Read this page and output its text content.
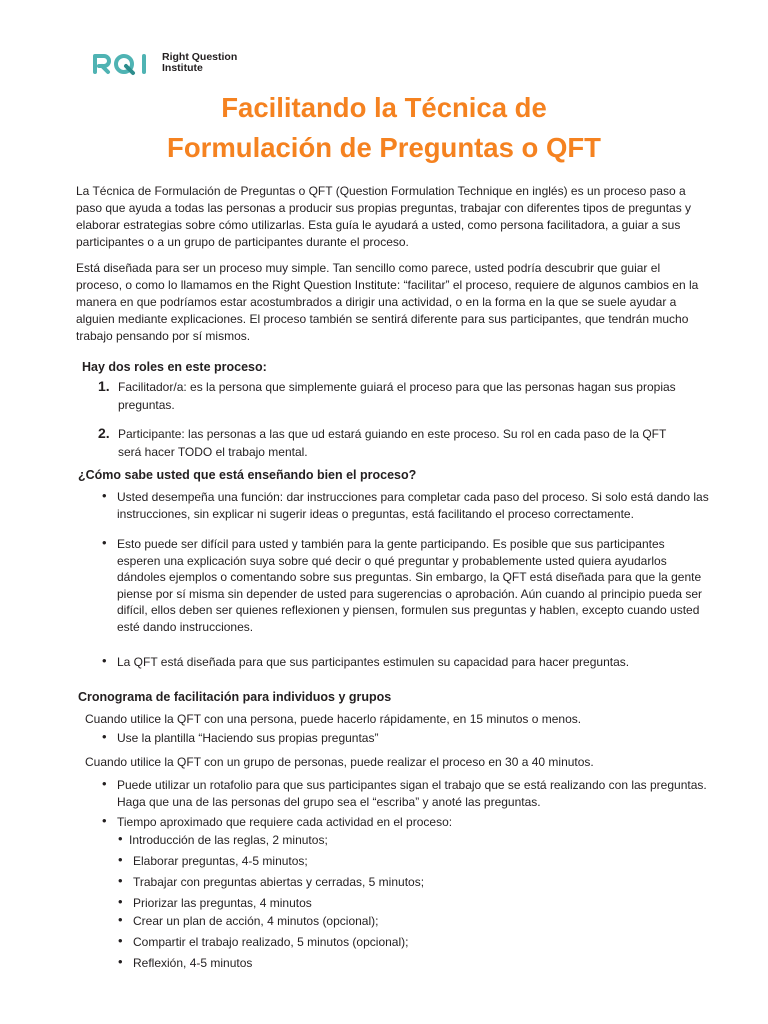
Right Question
Institute
Facilitando la Técnica de
Formulación de Preguntas o QFT

La Técnica de Formulación de Preguntas o QFT (Question Formulation Technique en inglés) es un proceso paso a paso que ayuda a todas las personas a producir sus propias preguntas, trabajar con diferentes tipos de preguntas y elaborar estrategias sobre cómo utilizarlas. Esta guía le ayudará a usted, como persona facilitadora, a guiar a sus participantes o a un grupo de participantes durante el proceso.

Está diseñada para ser un proceso muy simple. Tan sencillo como parece, usted podría descubrir que guiar el proceso, o como lo llamamos en the Right Question Institute: “facilitar” el proceso, requiere de algunos cambios en la manera en que podríamos estar acostumbrados a dirigir una actividad, o en la forma en la que se suele ayudar a alguien mediante explicaciones. El proceso también se sentirá diferente para sus participantes, que tendrán mucho trabajo pensando por sí mismos.

Hay dos roles en este proceso:

1. Facilitador/a: es la persona que simplemente guiará el proceso para que las personas hagan sus propias preguntas.
2. Participante: las personas a las que ud estará guiando en este proceso. Su rol en cada paso de la QFT será hacer TODO el trabajo mental.

¿Cómo sabe usted que está enseñando bien el proceso?

• Usted desempeña una función: dar instrucciones para completar cada paso del proceso. Si solo está dando las instrucciones, sin explicar ni sugerir ideas o preguntas, está facilitando el proceso correctamente.
• Esto puede ser difícil para usted y también para la gente participando. Es posible que sus participantes esperen una explicación suya sobre qué decir o qué preguntar y probablemente usted quiera ayudarlos dándoles ejemplos o comentando sobre sus preguntas. Sin embargo, la QFT está diseñada para que la gente piense por sí misma sin depender de usted para sugerencias o aprobación. Aún cuando al principio pueda ser difícil, ellos deben ser quienes reflexionen y piensen, formulen sus preguntas y hablen, excepto cuando usted esté dando instrucciones.
• La QFT está diseñada para que sus participantes estimulen su capacidad para hacer preguntas.

Cronograma de facilitación para individuos y grupos

Cuando utilice la QFT con una persona, puede hacerlo rápidamente, en 15 minutos o menos.

• Use la plantilla “Haciendo sus propias preguntas”

Cuando utilice la QFT con un grupo de personas, puede realizar el proceso en 30 a 40 minutos.

• Puede utilizar un rotafolio para que sus participantes sigan el trabajo que se está realizando con las preguntas. Haga que una de las personas del grupo sea el “escriba” y anoté las preguntas.
• Tiempo aproximado que requiere cada actividad en el proceso:
• Introducción de las reglas, 2 minutos;
• Elaborar preguntas, 4-5 minutos;
• Trabajar con preguntas abiertas y cerradas, 5 minutos;
• Priorizar las preguntas, 4 minutos
• Crear un plan de acción, 4 minutos (opcional);
• Compartir el trabajo realizado, 5 minutos (opcional);
• Reflexión, 4-5 minutos
